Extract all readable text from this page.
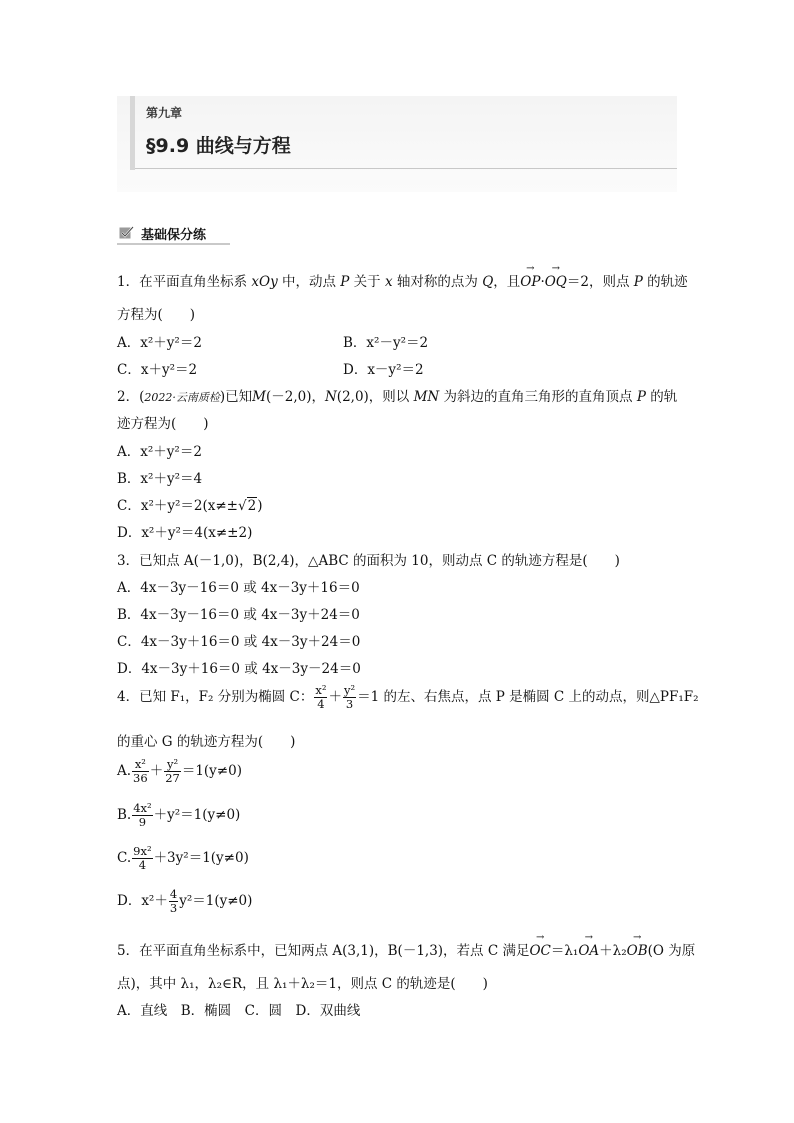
第九章
§9.9 曲线与方程
基础保分练
1．在平面直角坐标系 xOy 中，动点 P 关于 x 轴对称的点为 Q，且→ OP·→ OQ＝2，则点 P 的轨迹
方程为(　　)
A．x²＋y²＝2	B．x²－y²＝2
C．x＋y²＝2	D．x－y²＝2
2．(2022·云南质检)已知M(－2,0)，N(2,0)，则以 MN 为斜边的直角三角形的直角顶点 P 的轨
迹方程为(　　)
A．x²＋y²＝2
B．x²＋y²＝4
C．x²＋y²＝2(x≠±√2)
D．x²＋y²＝4(x≠±2)
3．已知点 A(－1,0)，B(2,4)，△ABC 的面积为 10，则动点 C 的轨迹方程是(　　)
A．4x－3y－16＝0 或 4x－3y＋16＝0
B．4x－3y－16＝0 或 4x－3y＋24＝0
C．4x－3y＋16＝0 或 4x－3y＋24＝0
D．4x－3y＋16＝0 或 4x－3y－24＝0
4．已知 F₁，F₂ 分别为椭圆 C： $\frac{\text{x²}}{4} + \frac{\text{y²}}{3} =1$ 的左、右焦点，点 P 是椭圆 C 上的动点，则△PF₁F₂
的重心 G 的轨迹方程为(　　)
A. $\frac{\text{x²}}{36} + \frac{\text{y²}}{27} =1(y\ne 0)$
B. $\frac{\text{4x²}}{9} +y^2=1(y\ne 0)$
C. $\frac{\text{9x²}}{4} +3y^2=1(y\ne 0)$
D．$x^2+ \frac{4}{3} y^2=1(y\ne 0)$
5．在平面直角坐标系中，已知两点 A(3,1)，B(－1,3)，若点 C 满足→ OC＝λ₁→ OA＋λ₂→ OB(O 为原
点)，其中 λ₁，λ₂∈R，且 λ₁＋λ₂＝1，则点 C 的轨迹是(　　)
A．直线　B．椭圆　C．圆　D．双曲线
